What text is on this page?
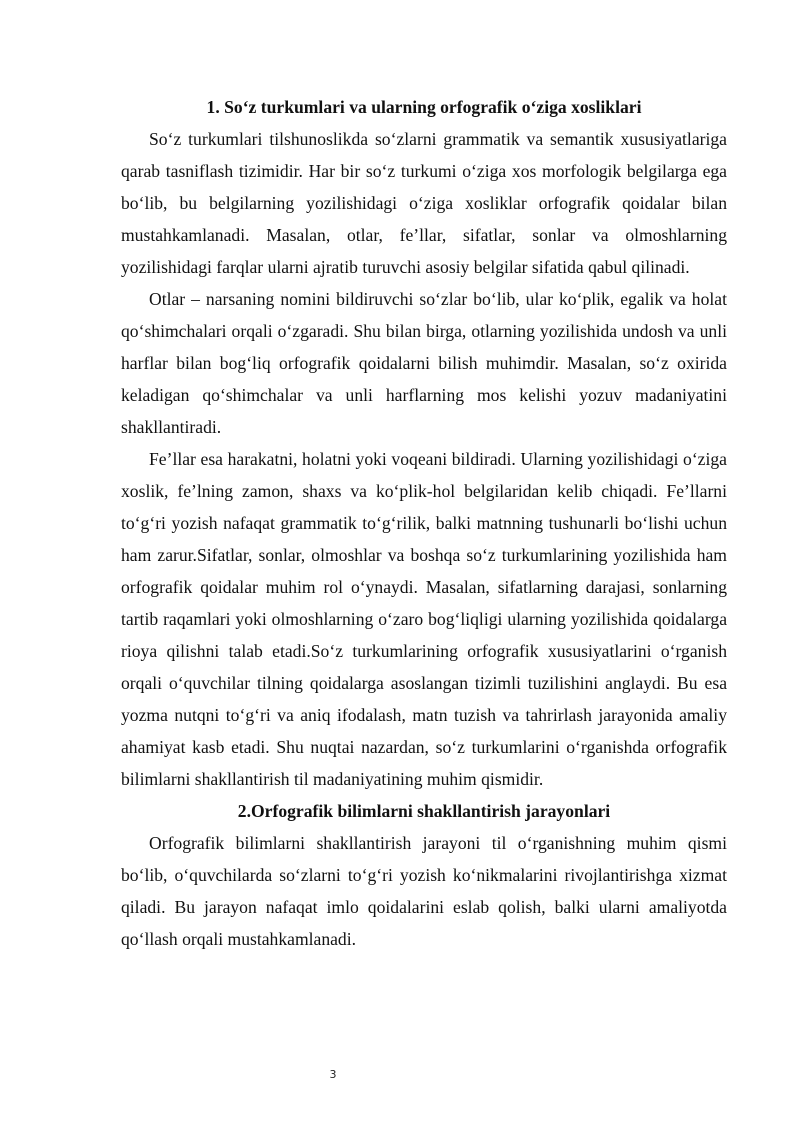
1. So‘z turkumlari va ularning orfografik o‘ziga xosliklari

So‘z turkumlari tilshunoslikda so‘zlarni grammatik va semantik xususiyatlariga qarab tasniflash tizimidir. Har bir so‘z turkumi o‘ziga xos morfologik belgilarga ega bo‘lib, bu belgilarning yozilishidagi o‘ziga xosliklar orfografik qoidalar bilan mustahkamlanadi. Masalan, otlar, fe’llar, sifatlar, sonlar va olmoshlarning yozilishidagi farqlar ularni ajratib turuvchi asosiy belgilar sifatida qabul qilinadi.

Otlar – narsaning nomini bildiruvchi so‘zlar bo‘lib, ular ko‘plik, egalik va holat qo‘shimchalari orqali o‘zgaradi. Shu bilan birga, otlarning yozilishida undosh va unli harflar bilan bog‘liq orfografik qoidalarni bilish muhimdir. Masalan, so‘z oxirida keladigan qo‘shimchalar va unli harflarning mos kelishi yozuv madaniyatini shakllantiradi.

Fe’llar esa harakatni, holatni yoki voqeani bildiradi. Ularning yozilishidagi o‘ziga xoslik, fe’lning zamon, shaxs va ko‘plik-hol belgilaridan kelib chiqadi. Fe’llarni to‘g‘ri yozish nafaqat grammatik to‘g‘rilik, balki matnning tushunarli bo‘lishi uchun ham zarur.Sifatlar, sonlar, olmoshlar va boshqa so‘z turkumlarining yozilishida ham orfografik qoidalar muhim rol o‘ynaydi. Masalan, sifatlarning darajasi, sonlarning tartib raqamlari yoki olmoshlarning o‘zaro bog‘liqligi ularning yozilishida qoidalarga rioya qilishni talab etadi.So‘z turkumlarining orfografik xususiyatlarini o‘rganish orqali o‘quvchilar tilning qoidalarga asoslangan tizimli tuzilishini anglaydi. Bu esa yozma nutqni to‘g‘ri va aniq ifodalash, matn tuzish va tahrirlash jarayonida amaliy ahamiyat kasb etadi. Shu nuqtai nazardan, so‘z turkumlarini o‘rganishda orfografik bilimlarni shakllantirish til madaniyatining muhim qismidir.

2.Orfografik bilimlarni shakllantirish jarayonlari

Orfografik bilimlarni shakllantirish jarayoni til o‘rganishning muhim qismi bo‘lib, o‘quvchilarda so‘zlarni to‘g‘ri yozish ko‘nikmalarini rivojlantirishga xizmat qiladi. Bu jarayon nafaqat imlo qoidalarini eslab qolish, balki ularni amaliyotda qo‘llash orqali mustahkamlanadi.

3
